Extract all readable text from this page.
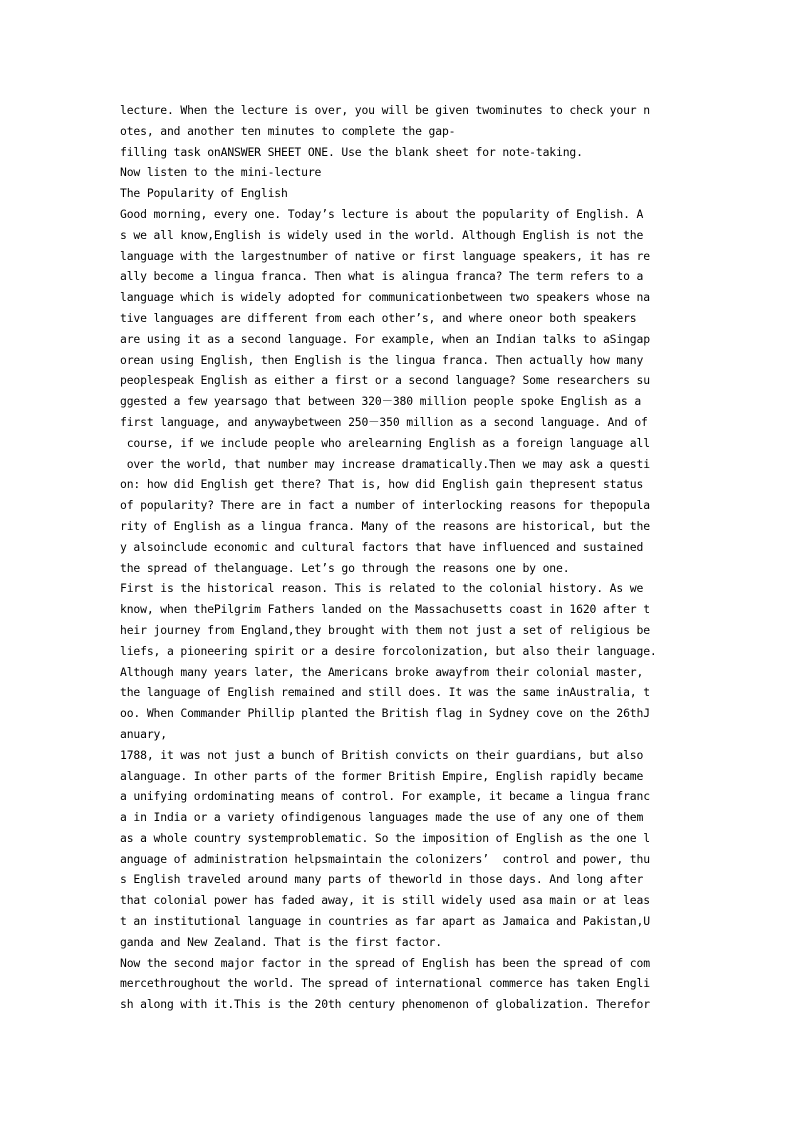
lecture. When the lecture is over, you will be given twominutes to check your n
otes, and another ten minutes to complete the gap-
filling task onANSWER SHEET ONE. Use the blank sheet for note-taking.
Now listen to the mini-lecture
The Popularity of English
Good morning, every one. Today’s lecture is about the popularity of English. A
s we all know,English is widely used in the world. Although English is not the
language with the largestnumber of native or first language speakers, it has re
ally become a lingua franca. Then what is alingua franca? The term refers to a
language which is widely adopted for communicationbetween two speakers whose na
tive languages are different from each other’s, and where oneor both speakers
are using it as a second language. For example, when an Indian talks to aSingap
orean using English, then English is the lingua franca. Then actually how many
peoplespeak English as either a first or a second language? Some researchers su
ggested a few yearsago that between 320－380 million people spoke English as a
first language, and anywaybetween 250－350 million as a second language. And of
course, if we include people who arelearning English as a foreign language all
over the world, that number may increase dramatically.Then we may ask a questi
on: how did English get there? That is, how did English gain thepresent status
of popularity? There are in fact a number of interlocking reasons for thepopula
rity of English as a lingua franca. Many of the reasons are historical, but the
y alsoinclude economic and cultural factors that have influenced and sustained
the spread of thelanguage. Let’s go through the reasons one by one.
First is the historical reason. This is related to the colonial history. As we
know, when thePilgrim Fathers landed on the Massachusetts coast in 1620 after t
heir journey from England,they brought with them not just a set of religious be
liefs, a pioneering spirit or a desire forcolonization, but also their language.
Although many years later, the Americans broke awayfrom their colonial master,
the language of English remained and still does. It was the same inAustralia, t
oo. When Commander Phillip planted the British flag in Sydney cove on the 26thJ
anuary,
1788, it was not just a bunch of British convicts on their guardians, but also
alanguage. In other parts of the former British Empire, English rapidly became
a unifying ordominating means of control. For example, it became a lingua franc
a in India or a variety ofindigenous languages made the use of any one of them
as a whole country systemproblematic. So the imposition of English as the one l
anguage of administration helpsmaintain the colonizers’  control and power, thu
s English traveled around many parts of theworld in those days. And long after
that colonial power has faded away, it is still widely used asa main or at leas
t an institutional language in countries as far apart as Jamaica and Pakistan,U
ganda and New Zealand. That is the first factor.
Now the second major factor in the spread of English has been the spread of com
mercethroughout the world. The spread of international commerce has taken Engli
sh along with it.This is the 20th century phenomenon of globalization. Therefor
